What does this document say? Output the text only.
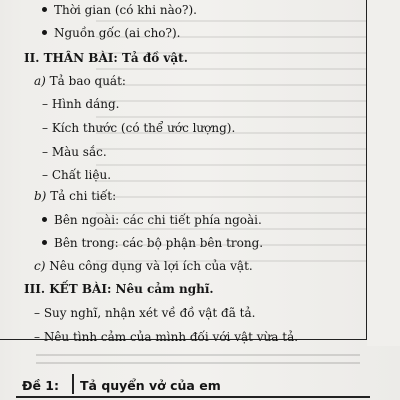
Thời gian (có khi nào?).
Nguồn gốc (ai cho?).
II. THÂN BÀI: Tả đồ vật.
a) Tả bao quát:
– Hình dáng.
– Kích thước (có thể ước lượng).
– Màu sắc.
– Chất liệu.
b) Tả chi tiết:
Bên ngoài: các chi tiết phía ngoài.
Bên trong: các bộ phận bên trong.
c) Nêu công dụng và lợi ích của vật.
III. KẾT BÀI: Nêu cảm nghĩ.
– Suy nghĩ, nhận xét về đồ vật đã tả.
– Nêu tình cảm của mình đối với vật vừa tả.
Đề 1: Tả quyển vở của em
